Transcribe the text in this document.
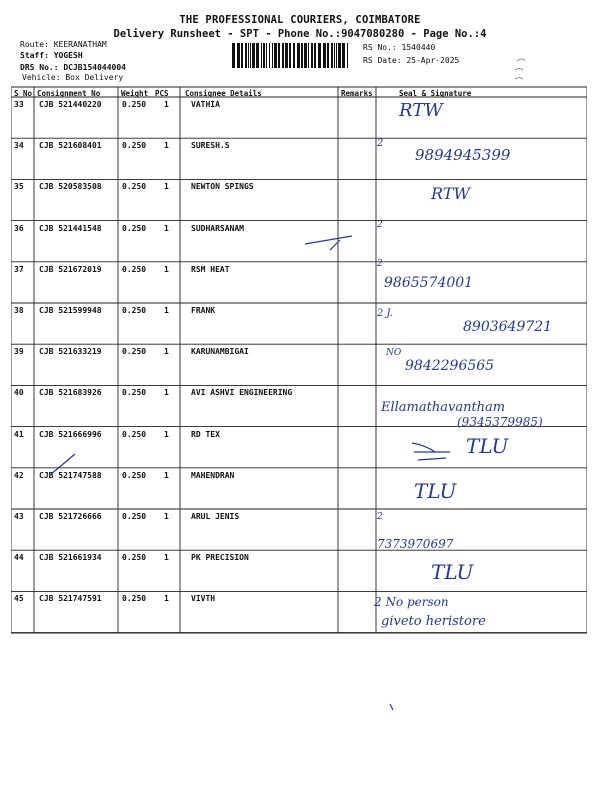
THE PROFESSIONAL COURIERS, COIMBATORE
Delivery Runsheet - SPT - Phone No.:9047080280 - Page No.:4
Route: KEERANATHAM
Staff: YOGESH
DRS No.: DCJB154044004
Vehicle: Box Delivery
RS No.: 1540440
RS Date: 25-Apr-2025
S No Consignment No	Weight PCS Consignee Details	Remarks	Seal & Signature
33 CJB 521440220	0.250 1	VATHIA	RTW
34 CJB 521608401	0.250 1	SURESH.S	2
9894945399
35 CJB 520583508	0.250 1	NEWTON SPINGS	RTW
36 CJB 521441548	0.250 1	SUDHARSANAM	2
37 CJB 521672019	0.250 1	RSM HEAT
2
9865574001
38 CJB 521599948	0.250 1	FRANK	2 J.
8903649721
39 CJB 521633219	0.250 1	KARUNAMBIGAI	NO
9842296565
40 CJB 521683926	0.250 1	AVI ASHVI ENGINEERING
Ellamathavantham
(9345379985)
41 CJB 521666996	0.250 1	RD TEX	TLU
42 CJB 521747588	0.250 1	MAHENDRAN
TLU
43 CJB 521726666	0.250 1	ARUL JENIS	2
7373970697
44 CJB 521661934	0.250 1	PK PRECISION
TLU
45 CJB 521747591	0.250 1	VIVTH	2 No person
giveto heristore
